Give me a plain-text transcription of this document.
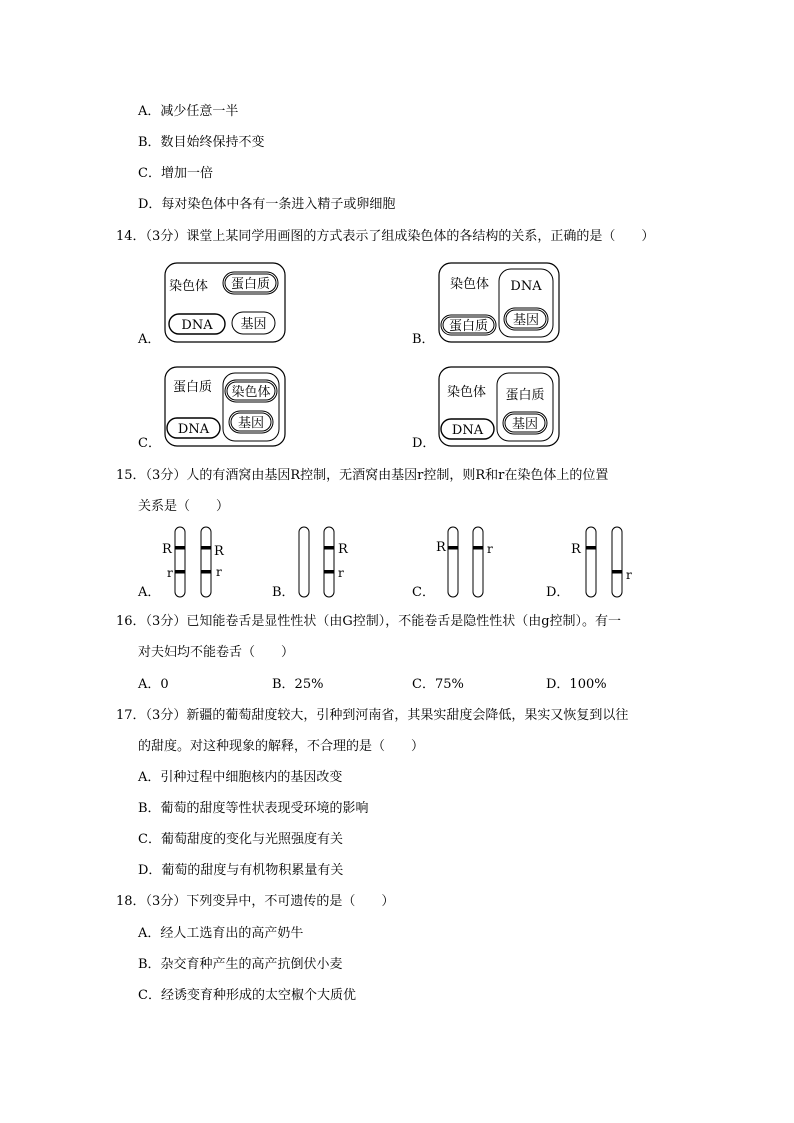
A．减少任意一半
B．数目始终保持不变
C．增加一倍
D．每对染色体中各有一条进入精子或卵细胞
14．（3分）课堂上某同学用画图的方式表示了组成染色体的各结构的关系，正确的是（　　）
A．
染色体 蛋白质
DNA 基因
B．
染色体 DNA
蛋白质 基因
C．
蛋白质 染色体
DNA 基因
D．
染色体 蛋白质
DNA 基因
15．（3分）人的有酒窝由基因R控制，无酒窝由基因r控制，则R和r在染色体上的位置
关系是（　　）
A．
R
r
R
r
B．
R
r
C．
R	r
D．
R
r
16．（3分）已知能卷舌是显性性状（由G控制），不能卷舌是隐性性状（由g控制）。有一
对夫妇均不能卷舌（　　）
A．0	B．25%	C．75%	D．100%
17．（3分）新疆的葡萄甜度较大，引种到河南省，其果实甜度会降低，果实又恢复到以往
的甜度。对这种现象的解释，不合理的是（　　）
A．引种过程中细胞核内的基因改变
B．葡萄的甜度等性状表现受环境的影响
C．葡萄甜度的变化与光照强度有关
D．葡萄的甜度与有机物积累量有关
18．（3分）下列变异中，不可遗传的是（　　）
A．经人工选育出的高产奶牛
B．杂交育种产生的高产抗倒伏小麦
C．经诱变育种形成的太空椒个大质优
